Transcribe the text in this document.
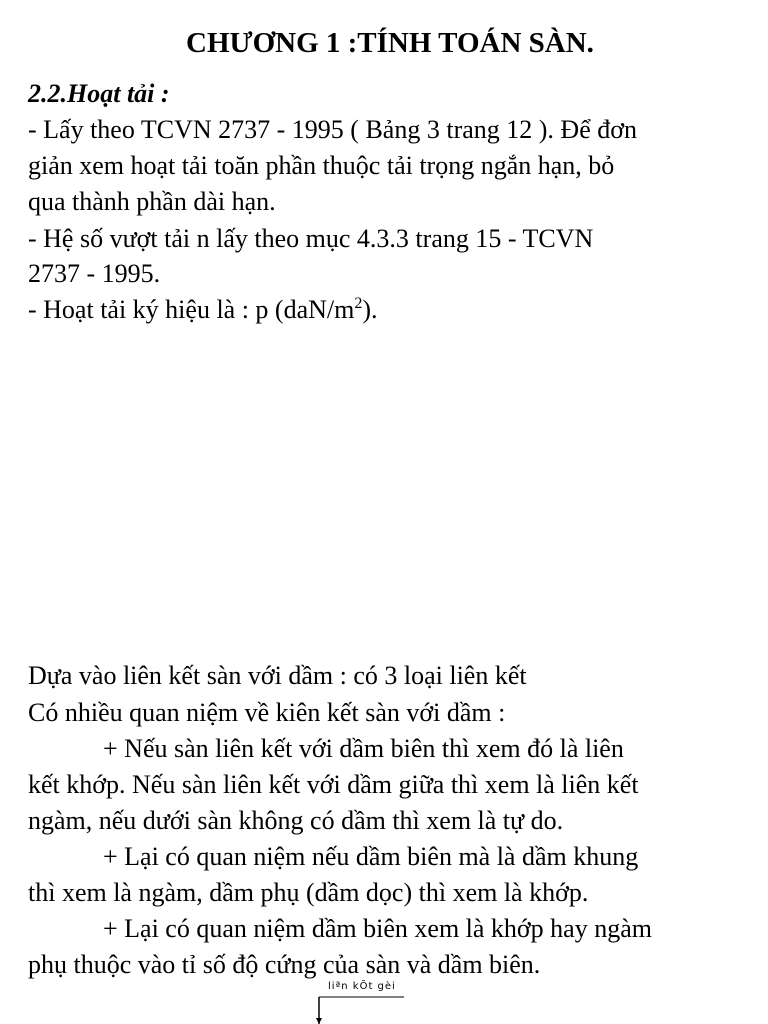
CHƯƠNG 1 :TÍNH TOÁN SÀN.
2.2.Hoạt tải :
- Lấy theo TCVN 2737 - 1995 ( Bảng 3 trang 12 ). Để đơn
giản xem hoạt tải toăn phần thuộc tải trọng ngắn hạn, bỏ
qua thành phần dài hạn.
- Hệ số vượt tải n lấy theo mục 4.3.3 trang 15 - TCVN
2737 - 1995.
- Hoạt tải ký hiệu là : p $(daN/m^2)$.
Dựa vào liên kết sàn với dầm : có 3 loại liên kết
Có nhiều quan niệm về kiên kết sàn với dầm :
+ Nếu sàn liên kết với dầm biên thì xem đó là liên
kết khớp. Nếu sàn liên kết với dầm giữa thì xem là liên kết
ngàm, nếu dưới sàn không có dầm thì xem là tự do.
+ Lại có quan niệm nếu dầm biên mà là dầm khung
thì xem là ngàm, dầm phụ (dầm dọc) thì xem là khớp.
+ Lại có quan niệm dầm biên xem là khớp hay ngàm
phụ thuộc vào tỉ số độ cứng của sàn và dầm biên.
liªn kÕt gèi
